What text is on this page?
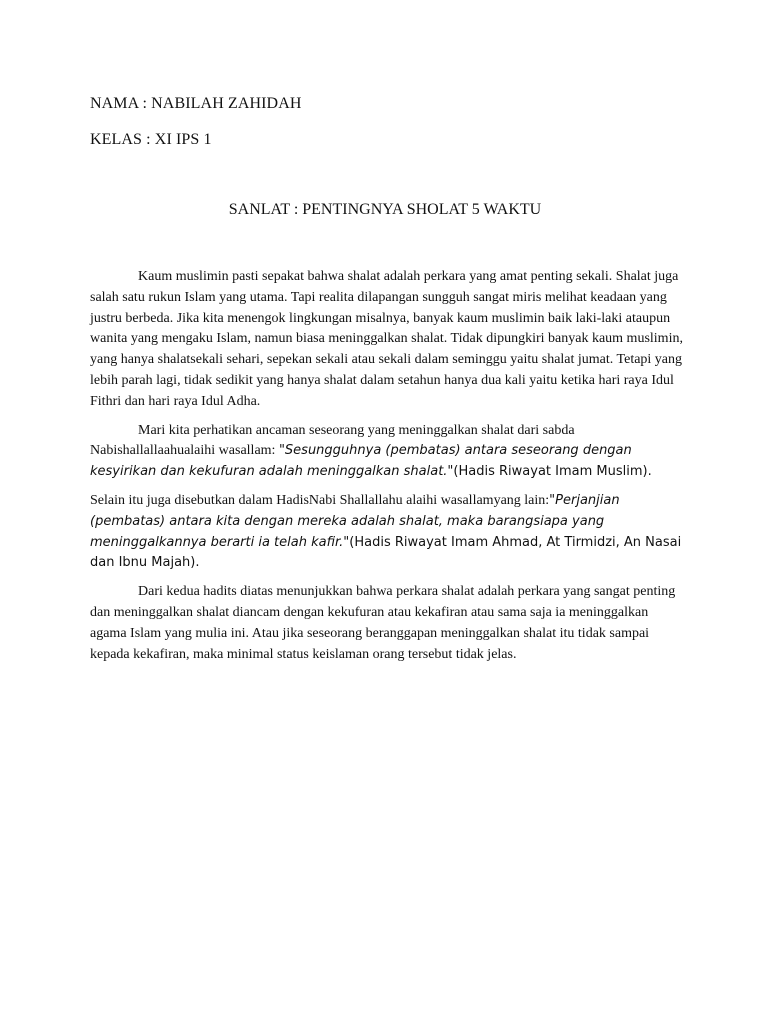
NAMA : NABILAH ZAHIDAH
KELAS : XI IPS 1
SANLAT : PENTINGNYA SHOLAT 5 WAKTU

Kaum muslimin pasti sepakat bahwa shalat adalah perkara yang amat penting sekali. Shalat juga salah satu rukun Islam yang utama. Tapi realita dilapangan sungguh sangat miris melihat keadaan yang justru berbeda. Jika kita menengok lingkungan misalnya, banyak kaum muslimin baik laki-laki ataupun wanita yang mengaku Islam, namun biasa meninggalkan shalat. Tidak dipungkiri banyak kaum muslimin, yang hanya shalatsekali sehari, sepekan sekali atau sekali dalam seminggu yaitu shalat jumat. Tetapi yang lebih parah lagi, tidak sedikit yang hanya shalat dalam setahun hanya dua kali yaitu ketika hari raya Idul Fithri dan hari raya Idul Adha.

Mari kita perhatikan ancaman seseorang yang meninggalkan shalat dari sabda Nabishallallaahualaihi wasallam: "Sesungguhnya (pembatas) antara seseorang dengan kesyirikan dan kekufuran adalah meninggalkan shalat."(Hadis Riwayat Imam Muslim).

Selain itu juga disebutkan dalam HadisNabi Shallallahu alaihi wasallamyang lain:"Perjanjian (pembatas) antara kita dengan mereka adalah shalat, maka barangsiapa yang meninggalkannya berarti ia telah kafir."(Hadis Riwayat Imam Ahmad, At Tirmidzi, An Nasai dan Ibnu Majah).

Dari kedua hadits diatas menunjukkan bahwa perkara shalat adalah perkara yang sangat penting dan meninggalkan shalat diancam dengan kekufuran atau kekafiran atau sama saja ia meninggalkan agama Islam yang mulia ini. Atau jika seseorang beranggapan meninggalkan shalat itu tidak sampai kepada kekafiran, maka minimal status keislaman orang tersebut tidak jelas.
